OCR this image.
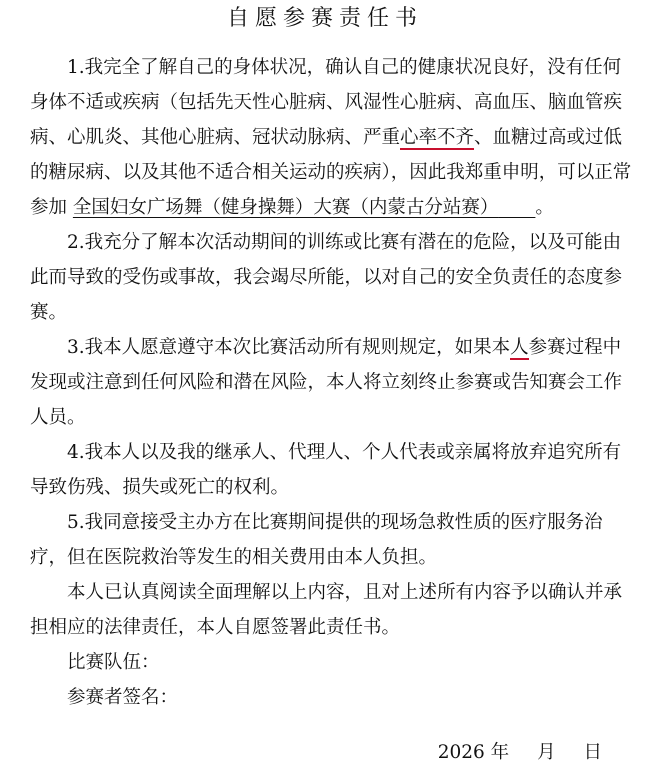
自愿参赛责任书

1.我完全了解自己的身体状况，确认自己的健康状况良好，没有任何身体不适或疾病（包括先天性心脏病、风湿性心脏病、高血压、脑血管疾病、心肌炎、其他心脏病、冠状动脉病、严重心率不齐、血糖过高或过低的糖尿病、以及其他不适合相关运动的疾病），因此我郑重申明，可以正常参加 全国妇女广场舞（健身操舞）大赛（内蒙古分站赛）   。

2.我充分了解本次活动期间的训练或比赛有潜在的危险，以及可能由此而导致的受伤或事故，我会竭尽所能，以对自己的安全负责任的态度参赛。

3.我本人愿意遵守本次比赛活动所有规则规定，如果本人参赛过程中发现或注意到任何风险和潜在风险，本人将立刻终止参赛或告知赛会工作人员。

4.我本人以及我的继承人、代理人、个人代表或亲属将放弃追究所有导致伤残、损失或死亡的权利。

5.我同意接受主办方在比赛期间提供的现场急救性质的医疗服务治疗，但在医院救治等发生的相关费用由本人负担。

本人已认真阅读全面理解以上内容，且对上述所有内容予以确认并承担相应的法律责任，本人自愿签署此责任书。

比赛队伍：

参赛者签名：

2026 年 月 日
